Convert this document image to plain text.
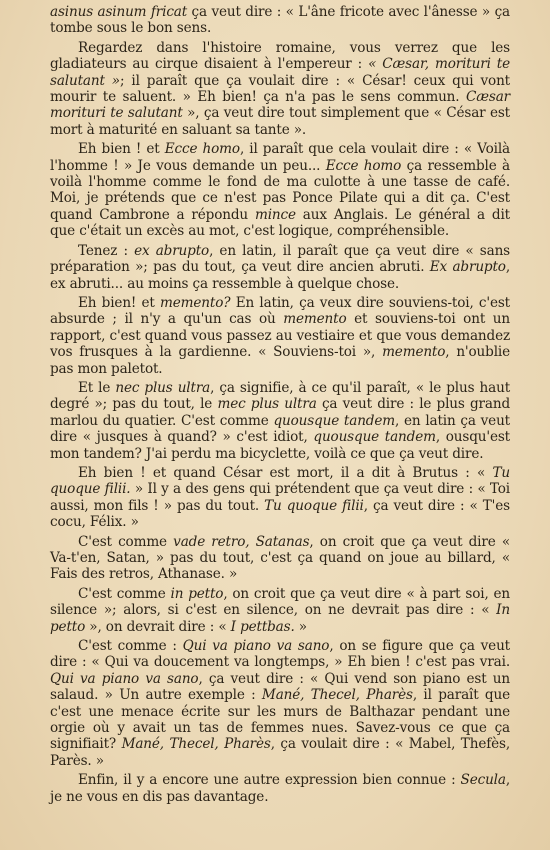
asinus asinum fricat ça veut dire : « L'âne fricote avec l'ânesse » ça tombe sous le bon sens.

Regardez dans l'histoire romaine, vous verrez que les gladiateurs au cirque disaient à l'empereur : « Cæsar, morituri te salutant »; il paraît que ça voulait dire : « César! ceux qui vont mourir te saluent. » Eh bien! ça n'a pas le sens commun. Cæsar morituri te salutant », ça veut dire tout simplement que « César est mort à maturité en saluant sa tante ».

Eh bien ! et Ecce homo, il paraît que cela voulait dire : « Voilà l'homme ! » Je vous demande un peu... Ecce homo ça ressemble à voilà l'homme comme le fond de ma culotte à une tasse de café. Moi, je prétends que ce n'est pas Ponce Pilate qui a dit ça. C'est quand Cambrone a répondu mince aux Anglais. Le général a dit que c'était un excès au mot, c'est logique, compréhensible.

Tenez : ex abrupto, en latin, il paraît que ça veut dire « sans préparation »; pas du tout, ça veut dire ancien abruti. Ex abrupto, ex abruti... au moins ça ressemble à quelque chose.

Eh bien! et memento? En latin, ça veux dire souviens-toi, c'est absurde ; il n'y a qu'un cas où memento et souviens-toi ont un rapport, c'est quand vous passez au vestiaire et que vous demandez vos frusques à la gardienne. « Souviens-toi », memento, n'oublie pas mon paletot.

Et le nec plus ultra, ça signifie, à ce qu'il paraît, « le plus haut degré »; pas du tout, le mec plus ultra ça veut dire : le plus grand marlou du quatier. C'est comme quousque tandem, en latin ça veut dire « jusques à quand? » c'est idiot, quousque tandem, ousqu'est mon tandem? J'ai perdu ma bicyclette, voilà ce que ça veut dire.

Eh bien ! et quand César est mort, il a dit à Brutus : « Tu quoque filii. » Il y a des gens qui prétendent que ça veut dire : « Toi aussi, mon fils ! » pas du tout. Tu quoque filii, ça veut dire : « T'es cocu, Félix. »

C'est comme vade retro, Satanas, on croit que ça veut dire « Va-t'en, Satan, » pas du tout, c'est ça quand on joue au billard, « Fais des retros, Athanase. »

C'est comme in petto, on croit que ça veut dire « à part soi, en silence »; alors, si c'est en silence, on ne devrait pas dire : « In petto », on devrait dire : « I pettbas. »

C'est comme : Qui va piano va sano, on se figure que ça veut dire : « Qui va doucement va longtemps, » Eh bien ! c'est pas vrai. Qui va piano va sano, ça veut dire : « Qui vend son piano est un salaud. » Un autre exemple : Mané, Thecel, Pharès, il paraît que c'est une menace écrite sur les murs de Balthazar pendant une orgie où y avait un tas de femmes nues. Savez-vous ce que ça signifiait? Mané, Thecel, Pharès, ça voulait dire : « Mabel, Thefès, Parès. »

Enfin, il y a encore une autre expression bien connue : Secula, je ne vous en dis pas davantage.
